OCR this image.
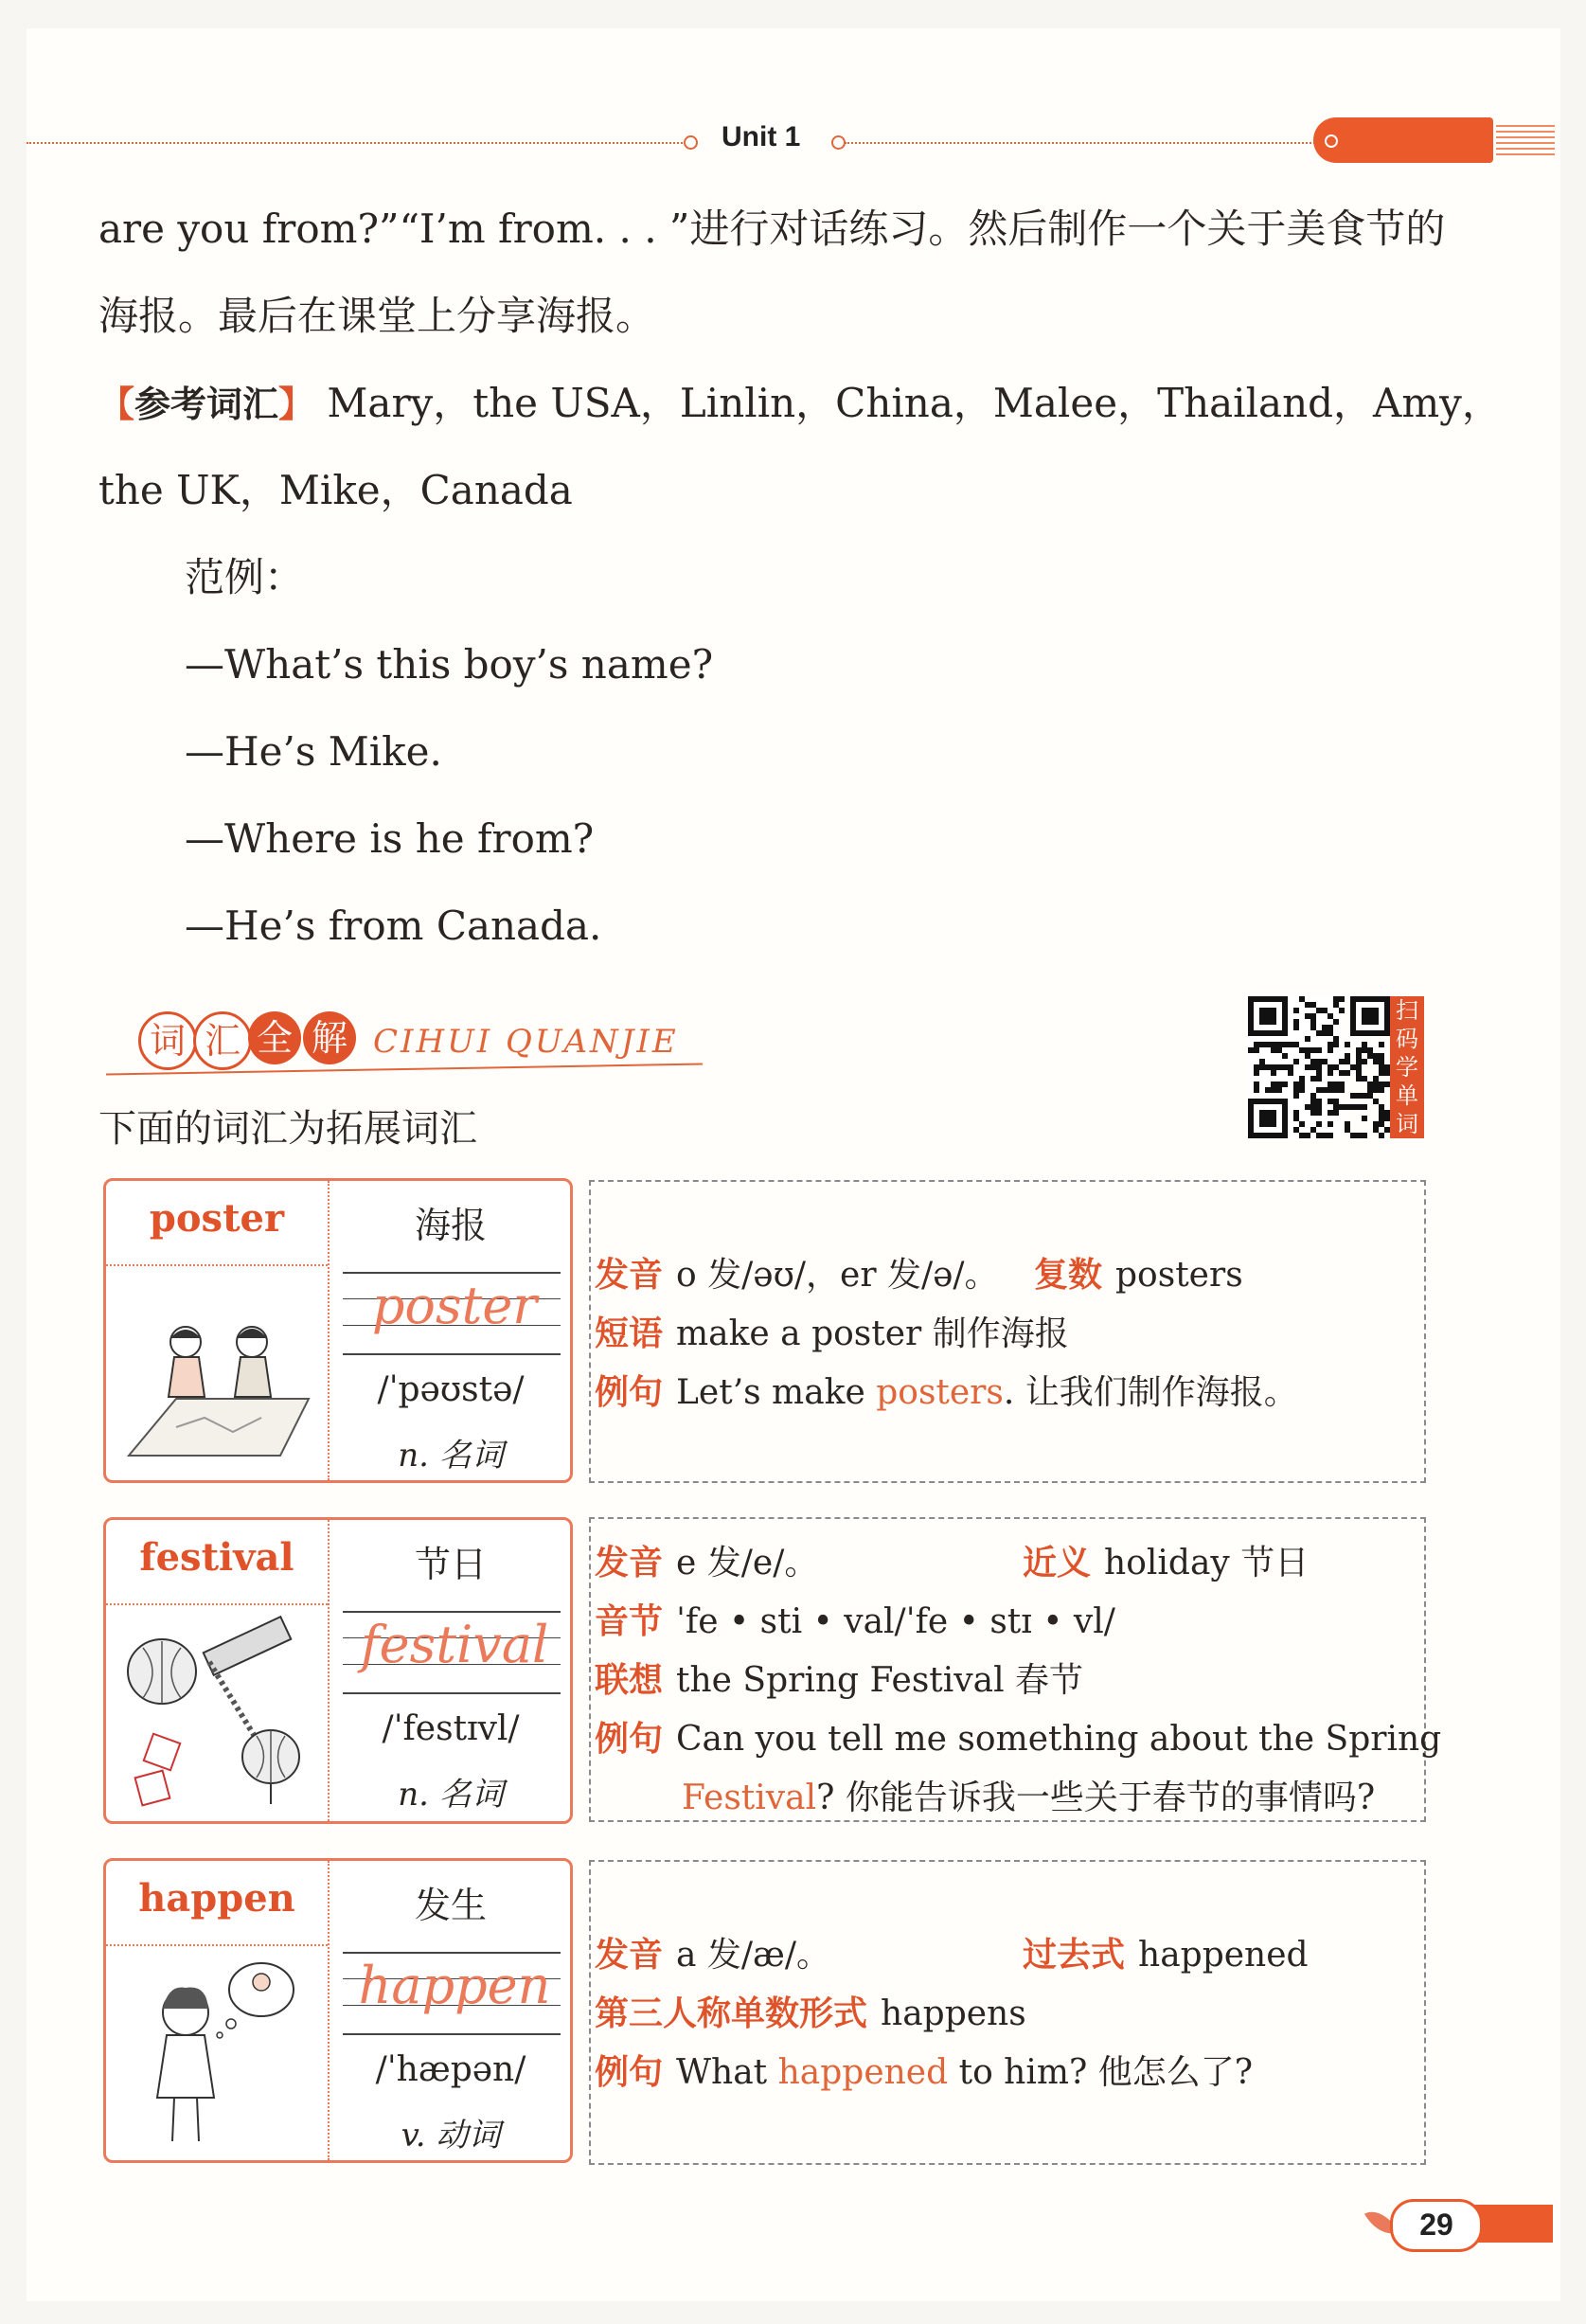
Unit 1
are you from?”“I’m from. . . ”进行对话练习。然后制作一个关于美食节的
海报。最后在课堂上分享海报。
【参考词汇】 Mary，the USA，Linlin，China，Malee，Thailand，Amy，
the UK，Mike，Canada
范例：
—What’s this boy’s name?
—He’s Mike.
—Where is he from?
—He’s from Canada.
词 汇 全 解 CIHUI QUANJIE
下面的词汇为拓展词汇
扫
码
学
单
词
poster	海报
poster
/ˈpəʊstə/
n. 名词
发音 o 发/əʊ/，er 发/ə/。 复数 posters
短语 make a poster 制作海报
例句 Let’s make posters. 让我们制作海报。
festival	节日
festival
/ˈfestɪvl/
n. 名词
发音 e 发/e/。	近义 holiday 节日
音节 ˈfe • sti • val/ˈfe • stɪ • vl/
联想 the Spring Festival 春节
例句 Can you tell me something about the Spring
Festival? 你能告诉我一些关于春节的事情吗?
happen	发生
happen
/ˈhæpən/
v. 动词
发音 a 发/æ/。	过去式 happened
第三人称单数形式 happens
例句 What happened to him? 他怎么了?
29
